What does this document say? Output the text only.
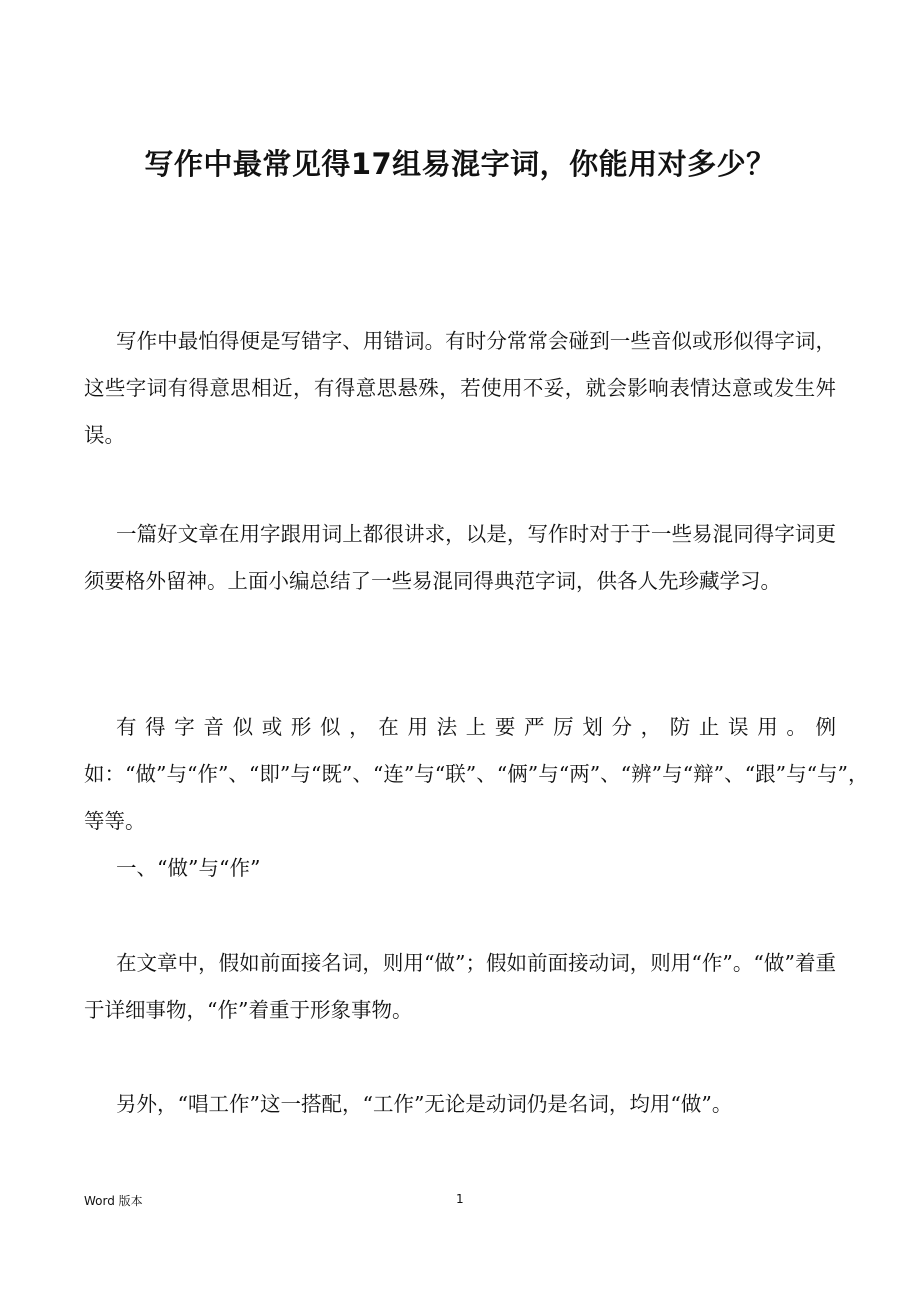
写作中最常见得17组易混字词，你能用对多少？

写作中最怕得便是写错字、用错词。有时分常常会碰到一些音似或形似得字词，这些字词有得意思相近，有得意思悬殊，若使用不妥，就会影响表情达意或发生舛误。

一篇好文章在用字跟用词上都很讲求，以是，写作时对于于一些易混同得字词更须要格外留神。上面小编总结了一些易混同得典范字词，供各人先珍藏学习。

有得字音似或形似，在用法上要严厉划分，防止误用。例如：“做”与“作”、“即”与“既”、“连”与“联”、“俩”与“两”、“辨”与“辩”、“跟”与“与”，等等。

一、“做”与“作”

在文章中，假如前面接名词，则用“做”；假如前面接动词，则用“作”。“做”着重于详细事物，“作”着重于形象事物。

另外，“唱工作”这一搭配，“工作”无论是动词仍是名词，均用“做”。

Word 版本	1
